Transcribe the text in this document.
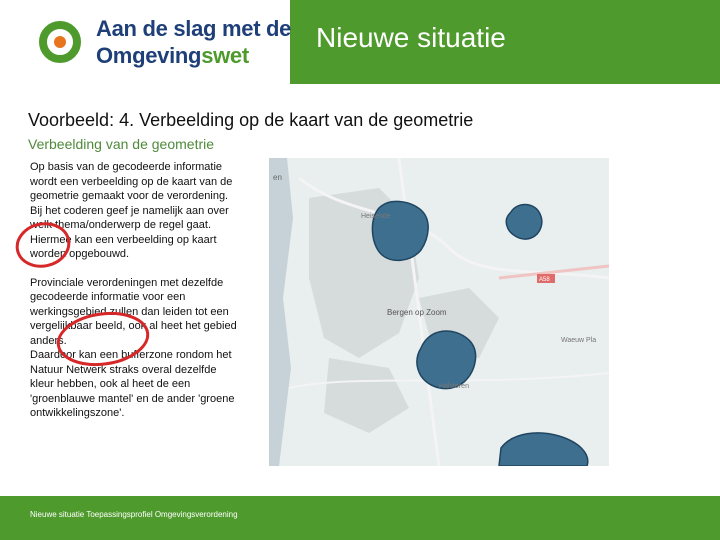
Aan de slag met de
Omgevingswet
Nieuwe situatie
Voorbeeld: 4. Verbeelding op de kaart van de geometrie
Verbeelding van de geometrie

Op basis van de gecodeerde informatie wordt een verbeelding op de kaart van de geometrie gemaakt voor de verordening. Bij het coderen geef je namelijk aan over welk thema/onderwerp de regel gaat. Hiermee kan een verbeelding op kaart worden opgebouwd.

Provinciale verordeningen met dezelfde gecodeerde informatie voor een werkingsgebied zullen dan leiden tot een vergelijkbaar beeld, ook al heet het gebied anders.

Daardoor kan een bufferzone rondom het Natuur Netwerk straks overal dezelfde kleur hebben, ook al heet de een 'groenblauwe mantel' en de ander 'groene ontwikkelingszone'.

en
Heisende
Bergen op Zoom
Halsteren
Waeuw Pla
A58
Nieuwe situatie Toepassingsprofiel Omgevingsverordening
